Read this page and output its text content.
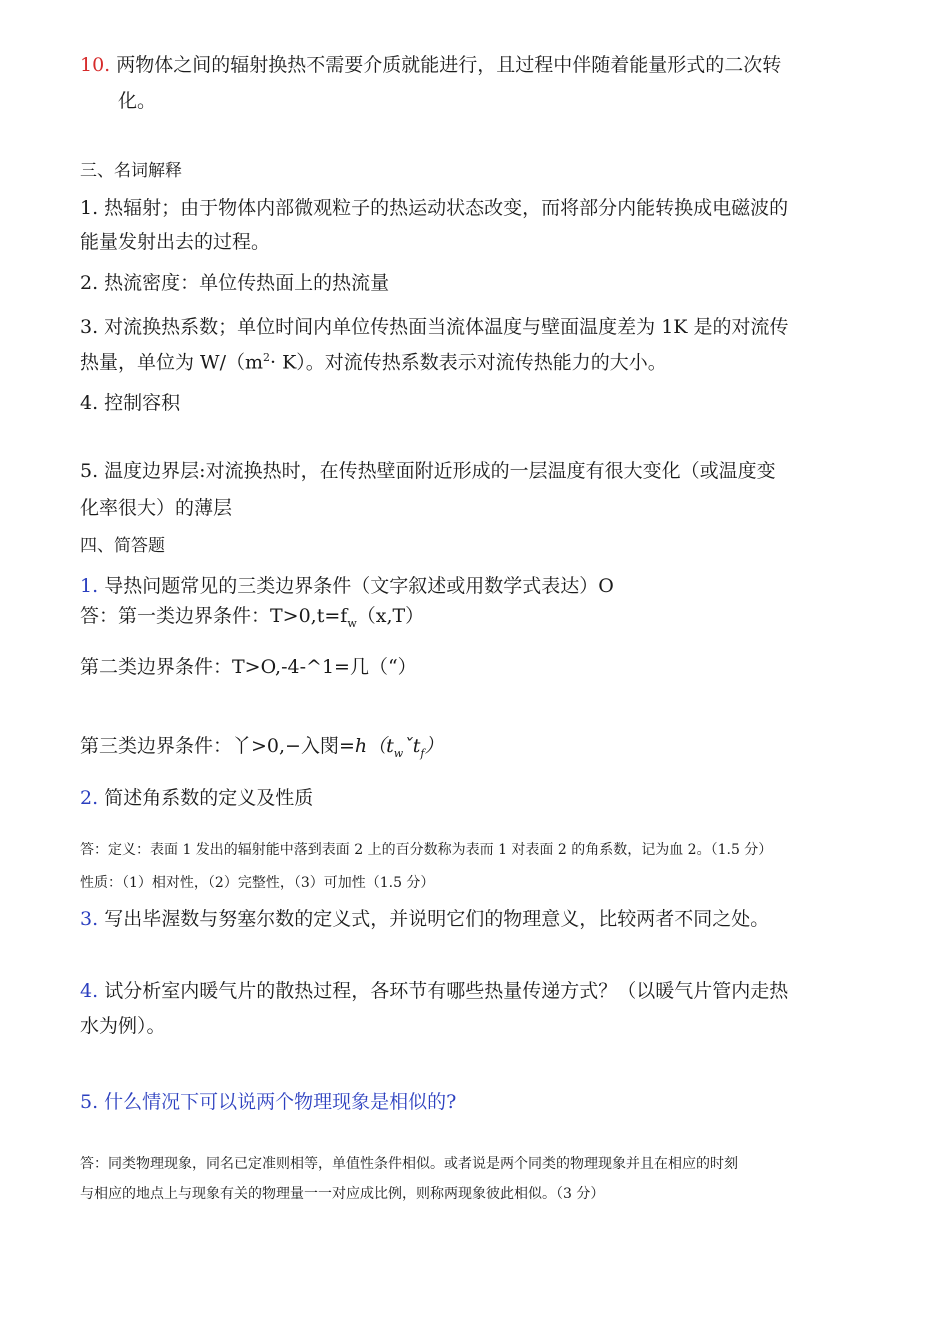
10. 两物体之间的辐射换热不需要介质就能进行，且过程中伴随着能量形式的二次转
化。
三、名词解释
1. 热辐射；由于物体内部微观粒子的热运动状态改变，而将部分内能转换成电磁波的
能量发射出去的过程。
2. 热流密度：单位传热面上的热流量
3. 对流换热系数；单位时间内单位传热面当流体温度与壁面温度差为 1K 是的对流传
热量，单位为 $W/(m^2\cdot K)$。对流传热系数表示对流传热能力的大小。
4. 控制容积
5. 温度边界层:对流换热时，在传热壁面附近形成的一层温度有很大变化（或温度变
化率很大）的薄层
四、简答题
1. 导热问题常见的三类边界条件（文字叙述或用数学式表达）O
答：第一类边界条件：$T>0,t=f_w(x,T)$
第二类边界条件：T>O,-4-^1=几（“）
第三类边界条件：丫>0,−入閔$=h(t_wˇt_f)$
2. 简述角系数的定义及性质
答：定义：表面 1 发出的辐射能中落到表面 2 上的百分数称为表而 1 对表面 2 的角系数，记为血 2。（1.5 分）
性质：（1）相对性，（2）完整性，（3）可加性（1.5 分）
3. 写出毕渥数与努塞尔数的定义式，并说明它们的物理意义，比较两者不同之处。
4. 试分析室内暖气片的散热过程，各环节有哪些热量传递方式？（以暖气片管内走热
水为例）。
5. 什么情况下可以说两个物理现象是相似的?
答：同类物理现象，同名已定准则相等，单值性条件相似。或者说是两个同类的物理现象并且在相应的时刻
与相应的地点上与现象有关的物理量一一对应成比例，则称两现象彼此相似。（3 分）
